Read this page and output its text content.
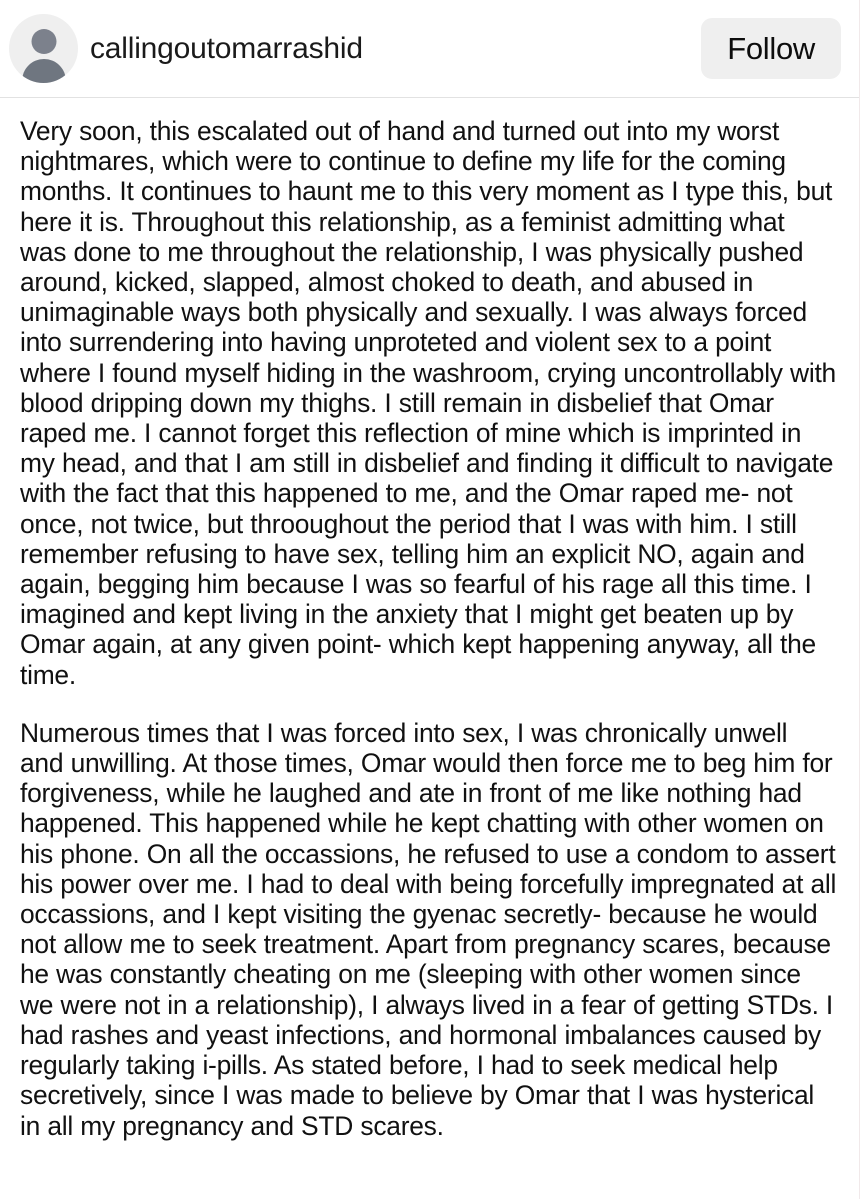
callingoutomarrashid	Follow

Very soon, this escalated out of hand and turned out into my worst nightmares, which were to continue to define my life for the coming months. It continues to haunt me to this very moment as I type this, but here it is. Throughout this relationship, as a feminist admitting what was done to me throughout the relationship, I was physically pushed around, kicked, slapped, almost choked to death, and abused in unimaginable ways both physically and sexually. I was always forced into surrendering into having unproteted and violent sex to a point where I found myself hiding in the washroom, crying uncontrollably with blood dripping down my thighs. I still remain in disbelief that Omar raped me. I cannot forget this reflection of mine which is imprinted in my head, and that I am still in disbelief and finding it difficult to navigate with the fact that this happened to me, and the Omar raped me- not once, not twice, but throoughout the period that I was with him. I still remember refusing to have sex, telling him an explicit NO, again and again, begging him because I was so fearful of his rage all this time. I imagined and kept living in the anxiety that I might get beaten up by Omar again, at any given point- which kept happening anyway, all the time.

Numerous times that I was forced into sex, I was chronically unwell and unwilling. At those times, Omar would then force me to beg him for forgiveness, while he laughed and ate in front of me like nothing had happened. This happened while he kept chatting with other women on his phone. On all the occassions, he refused to use a condom to assert his power over me. I had to deal with being forcefully impregnated at all occassions, and I kept visiting the gyenac secretly- because he would not allow me to seek treatment. Apart from pregnancy scares, because he was constantly cheating on me (sleeping with other women since we were not in a relationship), I always lived in a fear of getting STDs. I had rashes and yeast infections, and hormonal imbalances caused by regularly taking i-pills. As stated before, I had to seek medical help secretively, since I was made to believe by Omar that I was hysterical in all my pregnancy and STD scares.
